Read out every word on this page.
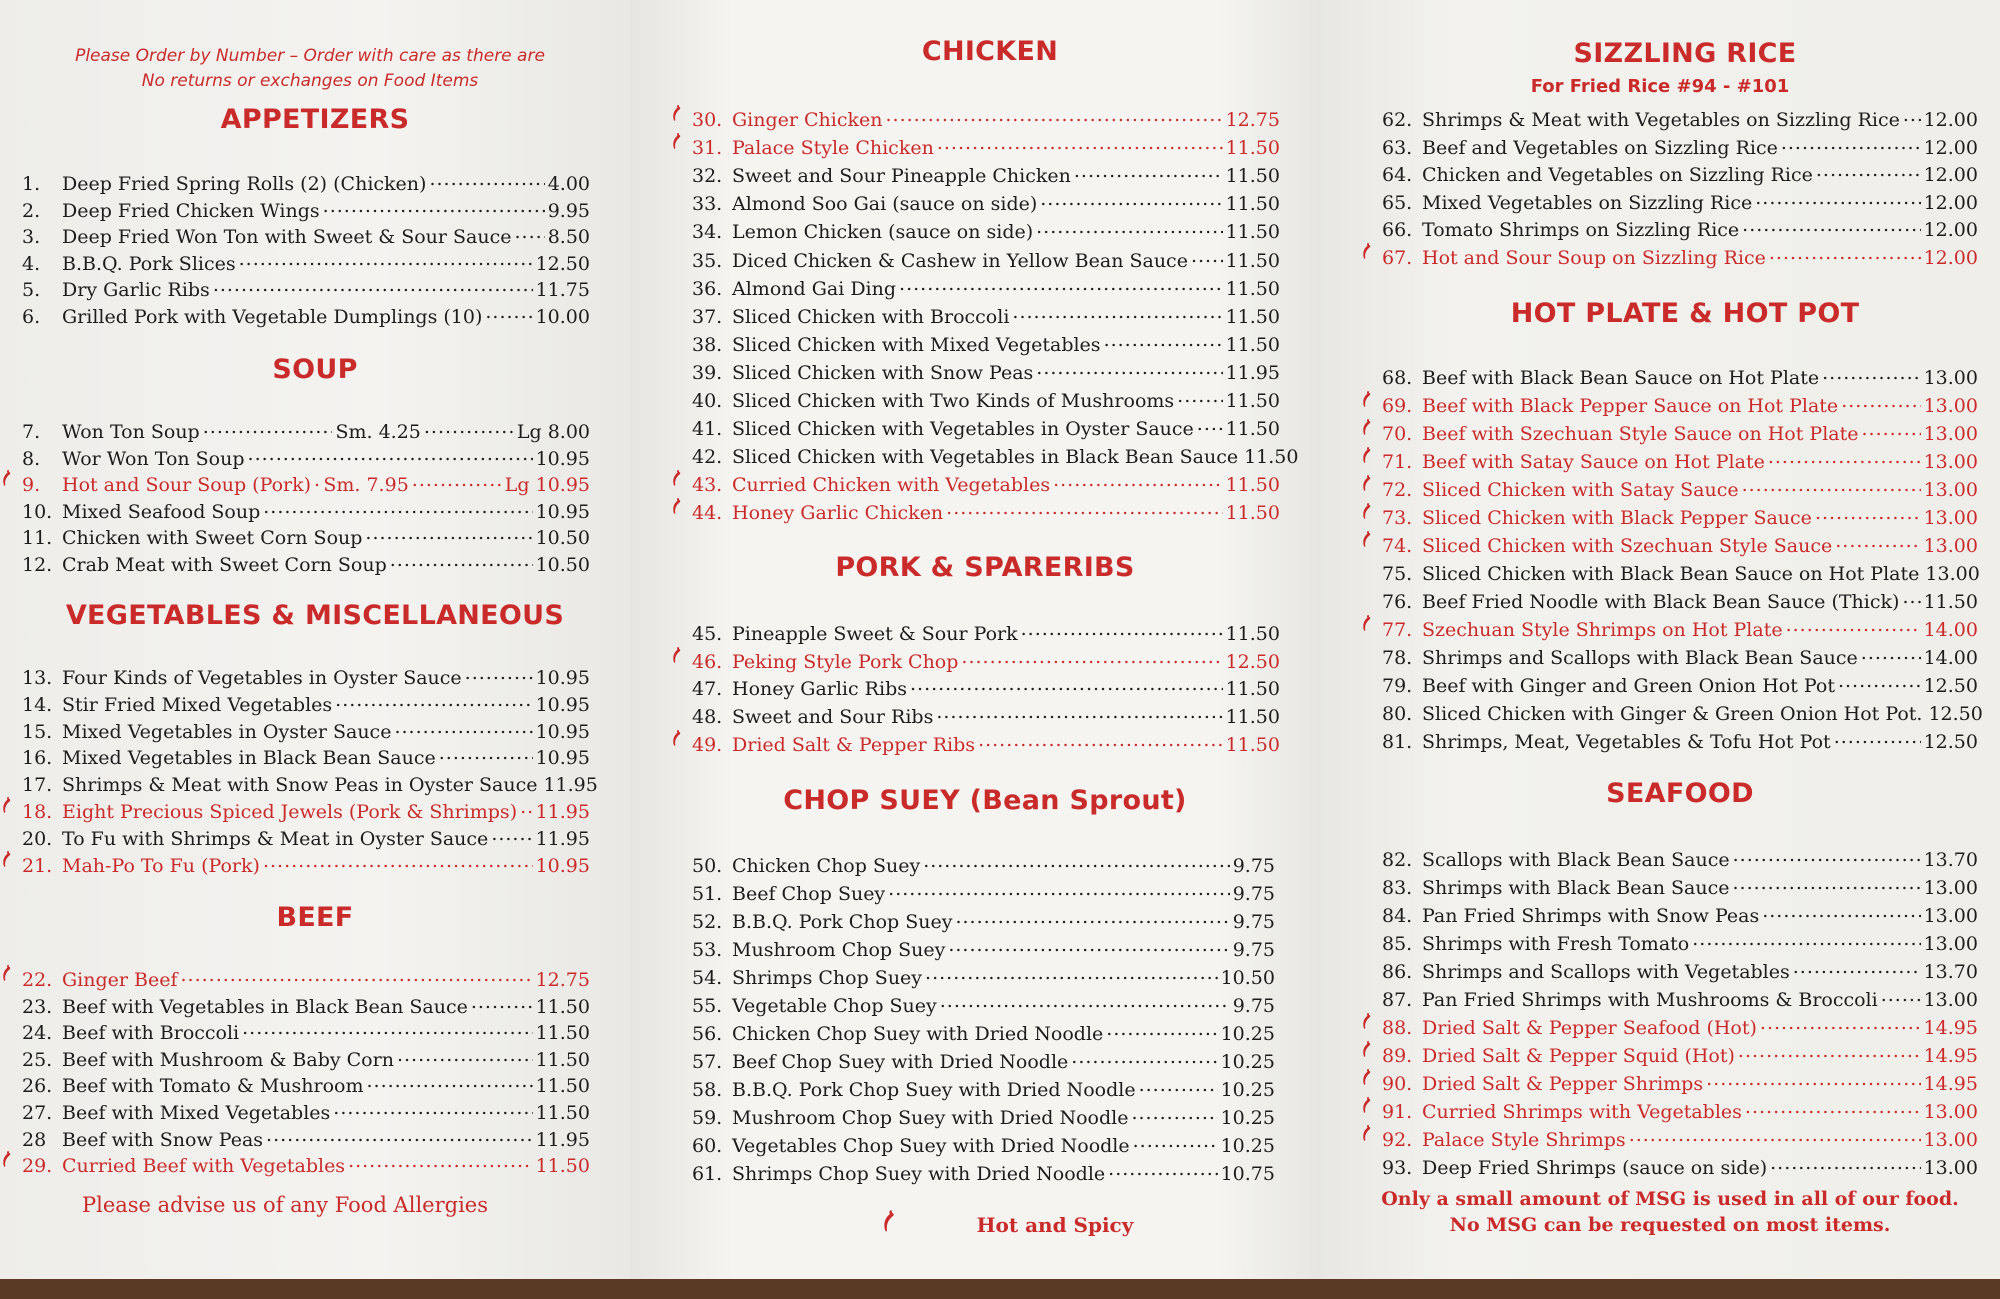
Please Order by Number – Order with care as there are
No returns or exchanges on Food Items
Please advise us of any Food Allergies
Hot and Spicy
For Fried Rice #94 - #101
Only a small amount of MSG is used in all of our food.
No MSG can be requested on most items.
APPETIZERS
1.	Deep Fried Spring Rolls (2) (Chicken) .....	4.00
2.	Deep Fried Chicken Wings .....	9.95
3.	Deep Fried Won Ton with Sweet & Sour Sauce ..... 8.50
4.	B.B.Q. Pork Slices .....	12.50
5.	Dry Garlic Ribs .....	11.75
6.	Grilled Pork with Vegetable Dumplings (10) .....	10.00
SOUP
7.	Won Ton Soup .....	Sm. 4.25 .....	Lg 8.00
8.	Wor Won Ton Soup .....	10.95
9.	Hot and Sour Soup (Pork) ..... Sm. 7.95 .....	Lg 10.95
10. Mixed Seafood Soup .....	10.95
11. Chicken with Sweet Corn Soup .....	10.50
12. Crab Meat with Sweet Corn Soup .....	10.50
VEGETABLES & MISCELLANEOUS
13. Four Kinds of Vegetables in Oyster Sauce .....	10.95
14. Stir Fried Mixed Vegetables .....	10.95
15. Mixed Vegetables in Oyster Sauce .....	10.95
16. Mixed Vegetables in Black Bean Sauce .....	10.95
17. Shrimps & Meat with Snow Peas in Oyster Sauce 11.95
18. Eight Precious Spiced Jewels (Pork & Shrimps) ..... 11.95
20. To Fu with Shrimps & Meat in Oyster Sauce ..... 11.95
21. Mah-Po To Fu (Pork) .....	10.95
BEEF
22. Ginger Beef .....	12.75
23. Beef with Vegetables in Black Bean Sauce .....	11.50
24. Beef with Broccoli .....	11.50
25. Beef with Mushroom & Baby Corn .....	11.50
26. Beef with Tomato & Mushroom .....	11.50
27. Beef with Mixed Vegetables .....	11.50
28 Beef with Snow Peas .....	11.95
29. Curried Beef with Vegetables .....	11.50
CHICKEN
30. Ginger Chicken .....	12.75
31. Palace Style Chicken .....	11.50
32. Sweet and Sour Pineapple Chicken .....	11.50
33. Almond Soo Gai (sauce on side) .....	11.50
34. Lemon Chicken (sauce on side) .....	11.50
35. Diced Chicken & Cashew in Yellow Bean Sauce ..... 11.50
36. Almond Gai Ding .....	11.50
37. Sliced Chicken with Broccoli .....	11.50
38. Sliced Chicken with Mixed Vegetables .....	11.50
39. Sliced Chicken with Snow Peas .....	11.95
40. Sliced Chicken with Two Kinds of Mushrooms .....	11.50
41. Sliced Chicken with Vegetables in Oyster Sauce ..... 11.50
42. Sliced Chicken with Vegetables in Black Bean Sauce 11.50
43. Curried Chicken with Vegetables .....	11.50
44. Honey Garlic Chicken .....	11.50
PORK & SPARERIBS
45. Pineapple Sweet & Sour Pork .....	11.50
46. Peking Style Pork Chop .....	12.50
47. Honey Garlic Ribs .....	11.50
48. Sweet and Sour Ribs .....	11.50
49. Dried Salt & Pepper Ribs .....	11.50
CHOP SUEY (Bean Sprout)
50. Chicken Chop Suey .....	9.75
51. Beef Chop Suey .....	9.75
52. B.B.Q. Pork Chop Suey .....	9.75
53. Mushroom Chop Suey .....	9.75
54. Shrimps Chop Suey .....	10.50
55. Vegetable Chop Suey .....	9.75
56. Chicken Chop Suey with Dried Noodle .....	10.25
57. Beef Chop Suey with Dried Noodle .....	10.25
58. B.B.Q. Pork Chop Suey with Dried Noodle .....	10.25
59. Mushroom Chop Suey with Dried Noodle .....	10.25
60. Vegetables Chop Suey with Dried Noodle .....	10.25
61. Shrimps Chop Suey with Dried Noodle .....	10.75
SIZZLING RICE
62. Shrimps & Meat with Vegetables on Sizzling Rice ..... 12.00
63. Beef and Vegetables on Sizzling Rice .....	12.00
64. Chicken and Vegetables on Sizzling Rice .....	12.00
65. Mixed Vegetables on Sizzling Rice .....	12.00
66. Tomato Shrimps on Sizzling Rice .....	12.00
67. Hot and Sour Soup on Sizzling Rice .....	12.00
HOT PLATE & HOT POT
68. Beef with Black Bean Sauce on Hot Plate .....	13.00
69. Beef with Black Pepper Sauce on Hot Plate .....	13.00
70. Beef with Szechuan Style Sauce on Hot Plate .....	13.00
71. Beef with Satay Sauce on Hot Plate .....	13.00
72. Sliced Chicken with Satay Sauce .....	13.00
73. Sliced Chicken with Black Pepper Sauce .....	13.00
74. Sliced Chicken with Szechuan Style Sauce .....	13.00
75. Sliced Chicken with Black Bean Sauce on Hot Plate 13.00
76. Beef Fried Noodle with Black Bean Sauce (Thick) ..... 11.50
77. Szechuan Style Shrimps on Hot Plate .....	14.00
78. Shrimps and Scallops with Black Bean Sauce .....	14.00
79. Beef with Ginger and Green Onion Hot Pot .....	12.50
80. Sliced Chicken with Ginger & Green Onion Hot Pot. 12.50
81. Shrimps, Meat, Vegetables & Tofu Hot Pot .....	12.50
SEAFOOD
82. Scallops with Black Bean Sauce .....	13.70
83. Shrimps with Black Bean Sauce .....	13.00
84. Pan Fried Shrimps with Snow Peas .....	13.00
85. Shrimps with Fresh Tomato .....	13.00
86. Shrimps and Scallops with Vegetables .....	13.70
87. Pan Fried Shrimps with Mushrooms & Broccoli ..... 13.00
88. Dried Salt & Pepper Seafood (Hot) .....	14.95
89. Dried Salt & Pepper Squid (Hot) .....	14.95
90. Dried Salt & Pepper Shrimps .....	14.95
91. Curried Shrimps with Vegetables .....	13.00
92. Palace Style Shrimps .....	13.00
93. Deep Fried Shrimps (sauce on side) .....	13.00
